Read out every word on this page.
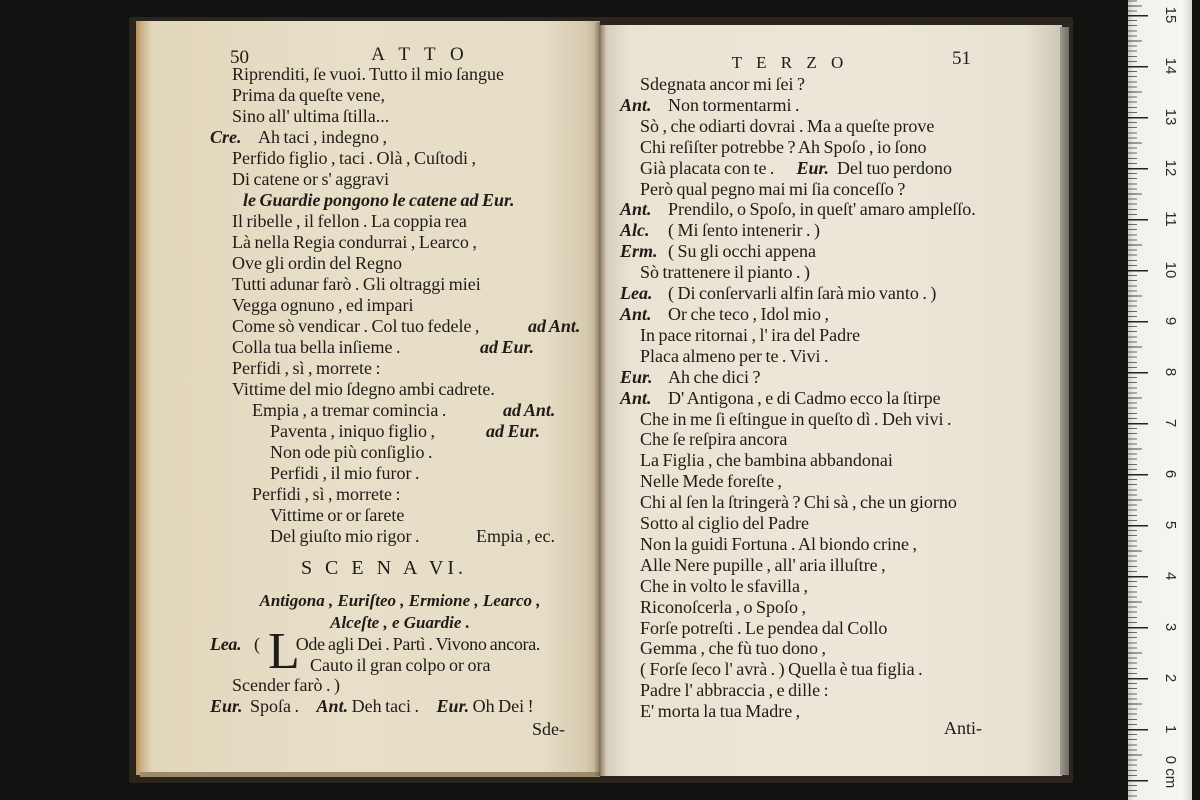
50	A T T O
Riprenditi, ſe vuoi. Tutto il mio ſangue
Prima da queſte vene,
Sino all' ultima ſtilla...
Cre. Ah taci , indegno ,
Perfido figlio , taci . Olà , Cuſtodi ,
Di catene or s' aggravi
le Guardie pongono le catene ad Eur.
Il ribelle , il fellon . La coppia rea
Là nella Regia condurrai , Learco ,
Ove gli ordin del Regno
Tutti adunar farò . Gli oltraggi miei
Vegga ognuno , ed impari
Come sò vendicar . Col tuo fedele ,	ad Ant.
Colla tua bella inſieme .	ad Eur.
Perfidi , sì , morrete :
Vittime del mio ſdegno ambi cadrete.
Empia , a tremar comincia .	ad Ant.
Paventa , iniquo figlio ,	ad Eur.
Non ode più conſiglio .
Perfidi , il mio furor .
Perfidi , sì , morrete :
Vittime or or ſarete
Del giuſto mio rigor .	Empia , ec.
S C E N A VI.
Antigona , Euriſteo , Ermione , Learco ,
Alceſte , e Guardie .
Lea. ( L
Ode agli Dei . Partì . Vivono ancora.
Cauto il gran colpo or ora
Scender farò . )
Eur. Spoſa . Ant. Deh taci . Eur. Oh Dei !
Sde-
T E R Z O	51
Sdegnata ancor mi ſei ?
Ant. Non tormentarmi .
Sò , che odiarti dovrai . Ma a queſte prove
Chi reſiſter potrebbe ? Ah Spoſo , io ſono
Già placata con te . Eur. Del tuo perdono
Però qual pegno mai mi ſia conceſſo ?
Ant. Prendilo, o Spoſo, in queſt' amaro ampleſſo.
Alc. ( Mi ſento intenerir . )
Erm. ( Su gli occhi appena
Sò trattenere il pianto . )
Lea. ( Di conſervarli alfin ſarà mio vanto . )
Ant. Or che teco , Idol mio ,
In pace ritornai , l' ira del Padre
Placa almeno per te . Vivi .
Eur. Ah che dici ?
Ant. D' Antigona , e di Cadmo ecco la ſtirpe
Che in me ſi eſtingue in queſto dì . Deh vivi .
Che ſe reſpira ancora
La Figlia , che bambina abbandonai
Nelle Mede foreſte ,
Chi al ſen la ſtringerà ? Chi sà , che un giorno
Sotto al ciglio del Padre
Non la guidi Fortuna . Al biondo crine ,
Alle Nere pupille , all' aria illuſtre ,
Che in volto le sfavilla ,
Riconoſcerla , o Spoſo ,
Forſe potreſti . Le pendea dal Collo
Gemma , che fù tuo dono ,
( Forſe ſeco l' avrà . ) Quella è tua figlia .
Padre l' abbraccia , e dille :
E' morta la tua Madre ,
Anti-
15
14
13
12
11
10
9
8
7
6
5
4
3
2
1
0 cm
